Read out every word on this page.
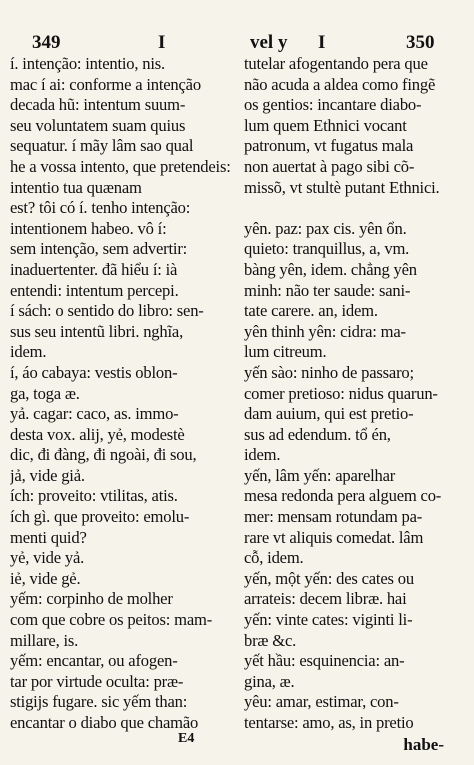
349	I	vel y I	350
í. intenção: intentio, nis.
mac í ai: conforme a intenção
decada hũ: intentum suum-
seu voluntatem suam quius
sequatur. í mãy lâm sao qual
he a vossa intento, que pretendeis:
intentio tua quænam
est? tôi có í. tenho intenção:
intentionem habeo. vô í:
sem intenção, sem advertir:
inaduertenter. đã hiểu í: ià
entendi: intentum percepi.
í sách: o sentido do libro: sen-
sus seu intentũ libri. nghĩa,
idem.
í, áo cabaya: vestis oblon-
ga, toga æ.
yả. cagar: caco, as. immo-
desta vox. alij, yẻ, modestè
dic, đi đàng, đi ngoài, đi sou,
jả, vide giả.
ích: proveito: vtilitas, atis.
ích gì. que proveito: emolu-
menti quid?
yẻ, vide yả.
iẻ, vide gẻ.
yếm: corpinho de molher
com que cobre os peitos: mam-
millare, is.
yếm: encantar, ou afogen-
tar por virtude oculta: præ-
stigijs fugare. sic yếm than:
encantar o diabo que chamão
tutelar afogentando pera que
não acuda a aldea como fingẽ
os gentios: incantare diabo-
lum quem Ethnici vocant
patronum, vt fugatus mala
non auertat à pago sibi cõ-
missõ, vt stultè putant Ethnici.
yên. paz: pax cis. yên ổn.
quieto: tranquillus, a, vm.
bàng yên, idem. chẳng yên
minh: não ter saude: sani-
tate carere. an, idem.
yên thinh yên: cidra: ma-
lum citreum.
yến sào: ninho de passaro;
comer pretioso: nidus quarun-
dam auium, qui est pretio-
sus ad edendum. tổ én,
idem.
yến, lâm yến: aparelhar
mesa redonda pera alguem co-
mer: mensam rotundam pa-
rare vt aliquis comedat. lâm
cỗ, idem.
yến, một yến: des cates ou
arrateis: decem libræ. hai
yến: vinte cates: viginti li-
bræ &c.
yết hầu: esquinencia: an-
gina, æ.
yêu: amar, estimar, con-
tentarse: amo, as, in pretio
E4	habe-
